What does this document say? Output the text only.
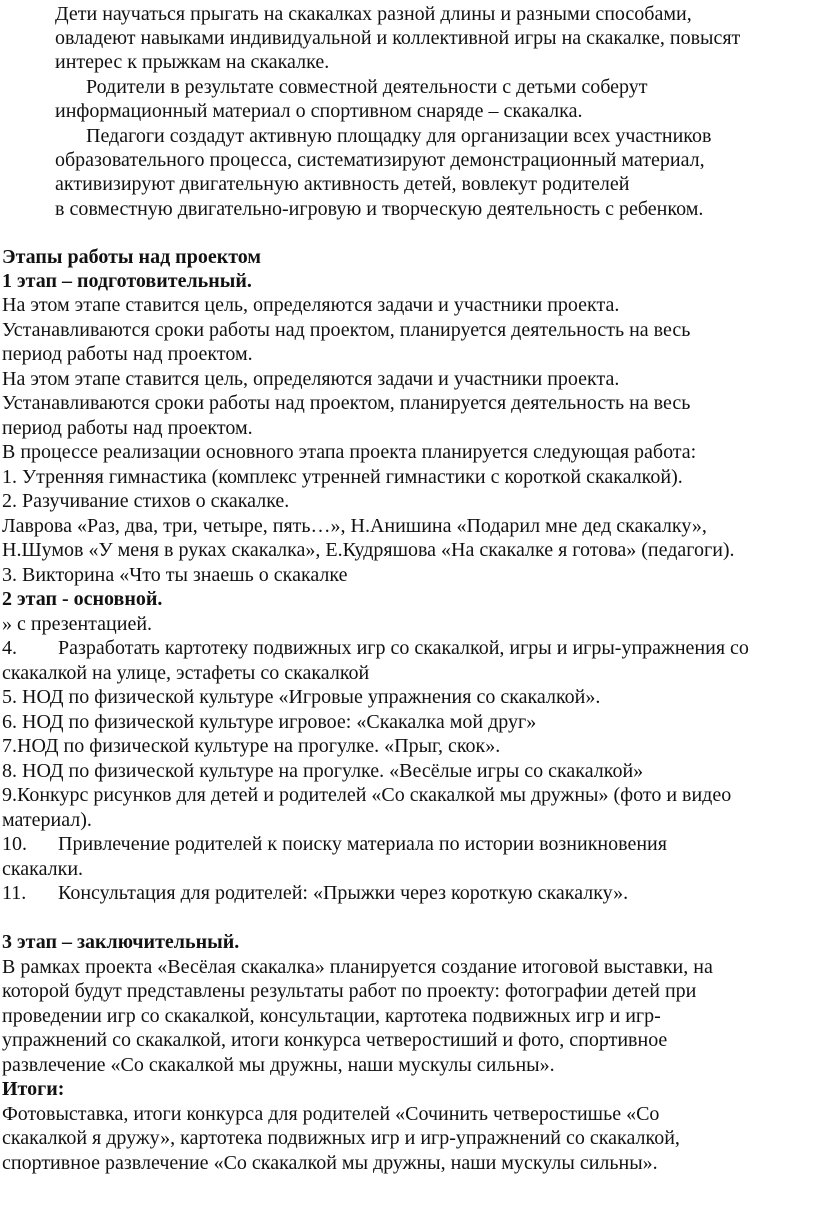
Дети научаться прыгать на скакалках разной длины и разными способами,
овладеют навыками индивидуальной и коллективной игры на скакалке, повысят
интерес к прыжкам на скакалке.
Родители в результате совместной деятельности с детьми соберут
информационный материал о спортивном снаряде – скакалка.
Педагоги создадут активную площадку для организации всех участников
образовательного процесса, систематизируют демонстрационный материал,
активизируют двигательную активность детей, вовлекут родителей
в совместную двигательно-игровую и творческую деятельность с ребенком.
Этапы работы над проектом
1 этап – подготовительный.
На этом этапе ставится цель, определяются задачи и участники проекта.
Устанавливаются сроки работы над проектом, планируется деятельность на весь
период работы над проектом.
На этом этапе ставится цель, определяются задачи и участники проекта.
Устанавливаются сроки работы над проектом, планируется деятельность на весь
период работы над проектом.
В процессе реализации основного этапа проекта планируется следующая работа:
1. Утренняя гимнастика (комплекс утренней гимнастики с короткой скакалкой).
2. Разучивание стихов о скакалке.
Лаврова «Раз, два, три, четыре, пять…», Н.Анишина «Подарил мне дед скакалку»,
Н.Шумов «У меня в руках скакалка», Е.Кудряшова «На скакалке я готова» (педагоги).
3. Викторина «Что ты знаешь о скакалке
2 этап - основной.
» с презентацией.
4. Разработать картотеку подвижных игр со скакалкой, игры и игры-упражнения со
скакалкой на улице, эстафеты со скакалкой
5. НОД по физической культуре «Игровые упражнения со скакалкой».
6. НОД по физической культуре игровое: «Скакалка мой друг»
7.НОД по физической культуре на прогулке. «Прыг, скок».
8. НОД по физической культуре на прогулке. «Весёлые игры со скакалкой»
9.Конкурс рисунков для детей и родителей «Со скакалкой мы дружны» (фото и видео
материал).
10. Привлечение родителей к поиску материала по истории возникновения
скакалки.
11. Консультация для родителей: «Прыжки через короткую скакалку».
3 этап – заключительный.
В рамках проекта «Весёлая скакалка» планируется создание итоговой выставки, на
которой будут представлены результаты работ по проекту: фотографии детей при
проведении игр со скакалкой, консультации, картотека подвижных игр и игр-
упражнений со скакалкой, итоги конкурса четверостиший и фото, спортивное
развлечение «Со скакалкой мы дружны, наши мускулы сильны».
Итоги:
Фотовыставка, итоги конкурса для родителей «Сочинить четверостишье «Со
скакалкой я дружу», картотека подвижных игр и игр-упражнений со скакалкой,
спортивное развлечение «Со скакалкой мы дружны, наши мускулы сильны».
